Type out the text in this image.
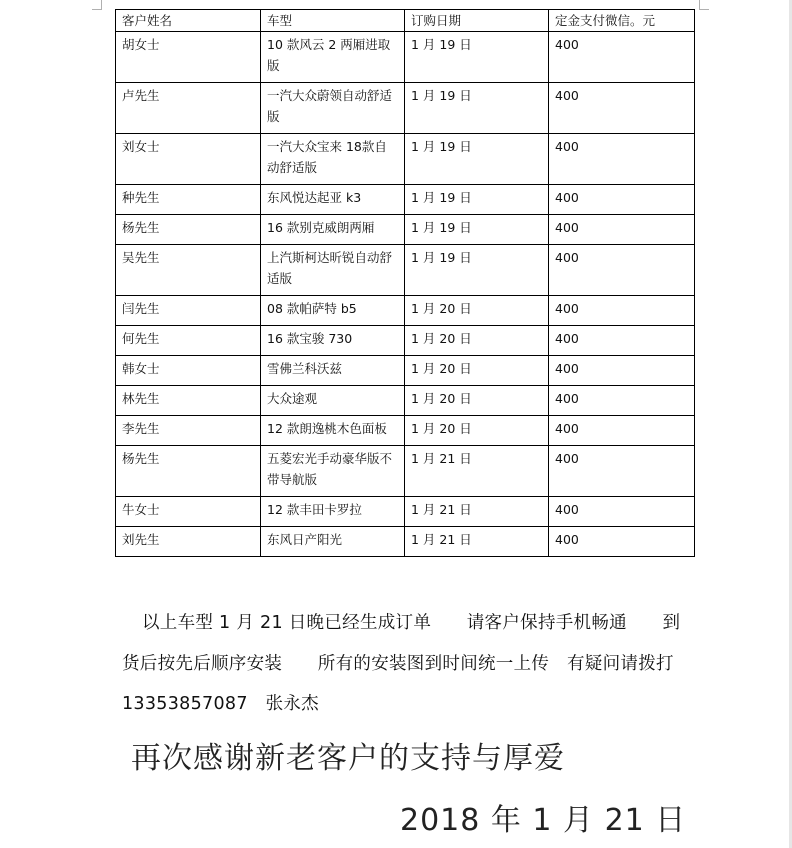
客户姓名	车型	订购日期	定金支付微信。元
胡女士	10 款风云 2 两厢进取版	1 月 19 日	400
卢先生	一汽大众蔚领自动舒适版	1 月 19 日	400
刘女士	一汽大众宝来 18款自动舒适版	1 月 19 日	400
种先生	东风悦达起亚 k3	1 月 19 日	400
杨先生	16 款别克威朗两厢	1 月 19 日	400
吴先生	上汽斯柯达昕锐自动舒适版	1 月 19 日	400
闫先生	08 款帕萨特 b5	1 月 20 日	400
何先生	16 款宝骏 730	1 月 20 日	400
韩女士	雪佛兰科沃兹	1 月 20 日	400
林先生	大众途观	1 月 20 日	400
李先生	12 款朗逸桃木色面板	1 月 20 日	400
杨先生	五菱宏光手动豪华版不带导航版	1 月 21 日	400
牛女士	12 款丰田卡罗拉	1 月 21 日	400
刘先生	东风日产阳光	1 月 21 日	400
以上车型 1 月 21 日晚已经生成订单　　请客户保持手机畅通　　到货后按先后顺序安装　　所有的安装图到时间统一上传　有疑问请拨打 13353857087　张永杰
再次感谢新老客户的支持与厚爱
2018 年 1 月 21 日
